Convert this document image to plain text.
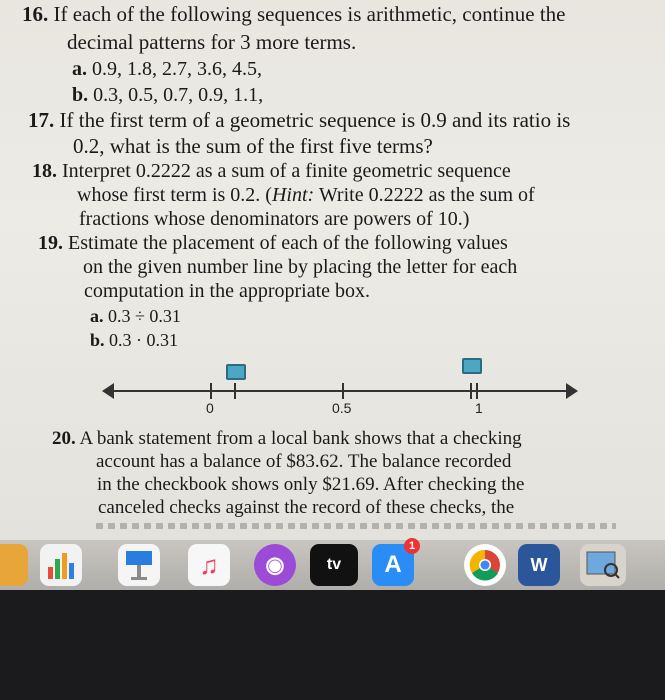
16. If each of the following sequences is arithmetic, continue the
decimal patterns for 3 more terms.
a. 0.9, 1.8, 2.7, 3.6, 4.5,
b. 0.3, 0.5, 0.7, 0.9, 1.1,
17. If the first term of a geometric sequence is 0.9 and its ratio is
0.2, what is the sum of the first five terms?
18. Interpret 0.2222 as a sum of a finite geometric sequence
whose first term is 0.2. (Hint: Write 0.2222 as the sum of
fractions whose denominators are powers of 10.)
19. Estimate the placement of each of the following values
on the given number line by placing the letter for each
computation in the appropriate box.
a. 0.3 ÷ 0.31
b. 0.3 · 0.31
0	0.5	1
20. A bank statement from a local bank shows that a checking
account has a balance of $83.62. The balance recorded
in the checkbook shows only $21.69. After checking the
canceled checks against the record of these checks, the
♫ ◉	tv A
1
W
